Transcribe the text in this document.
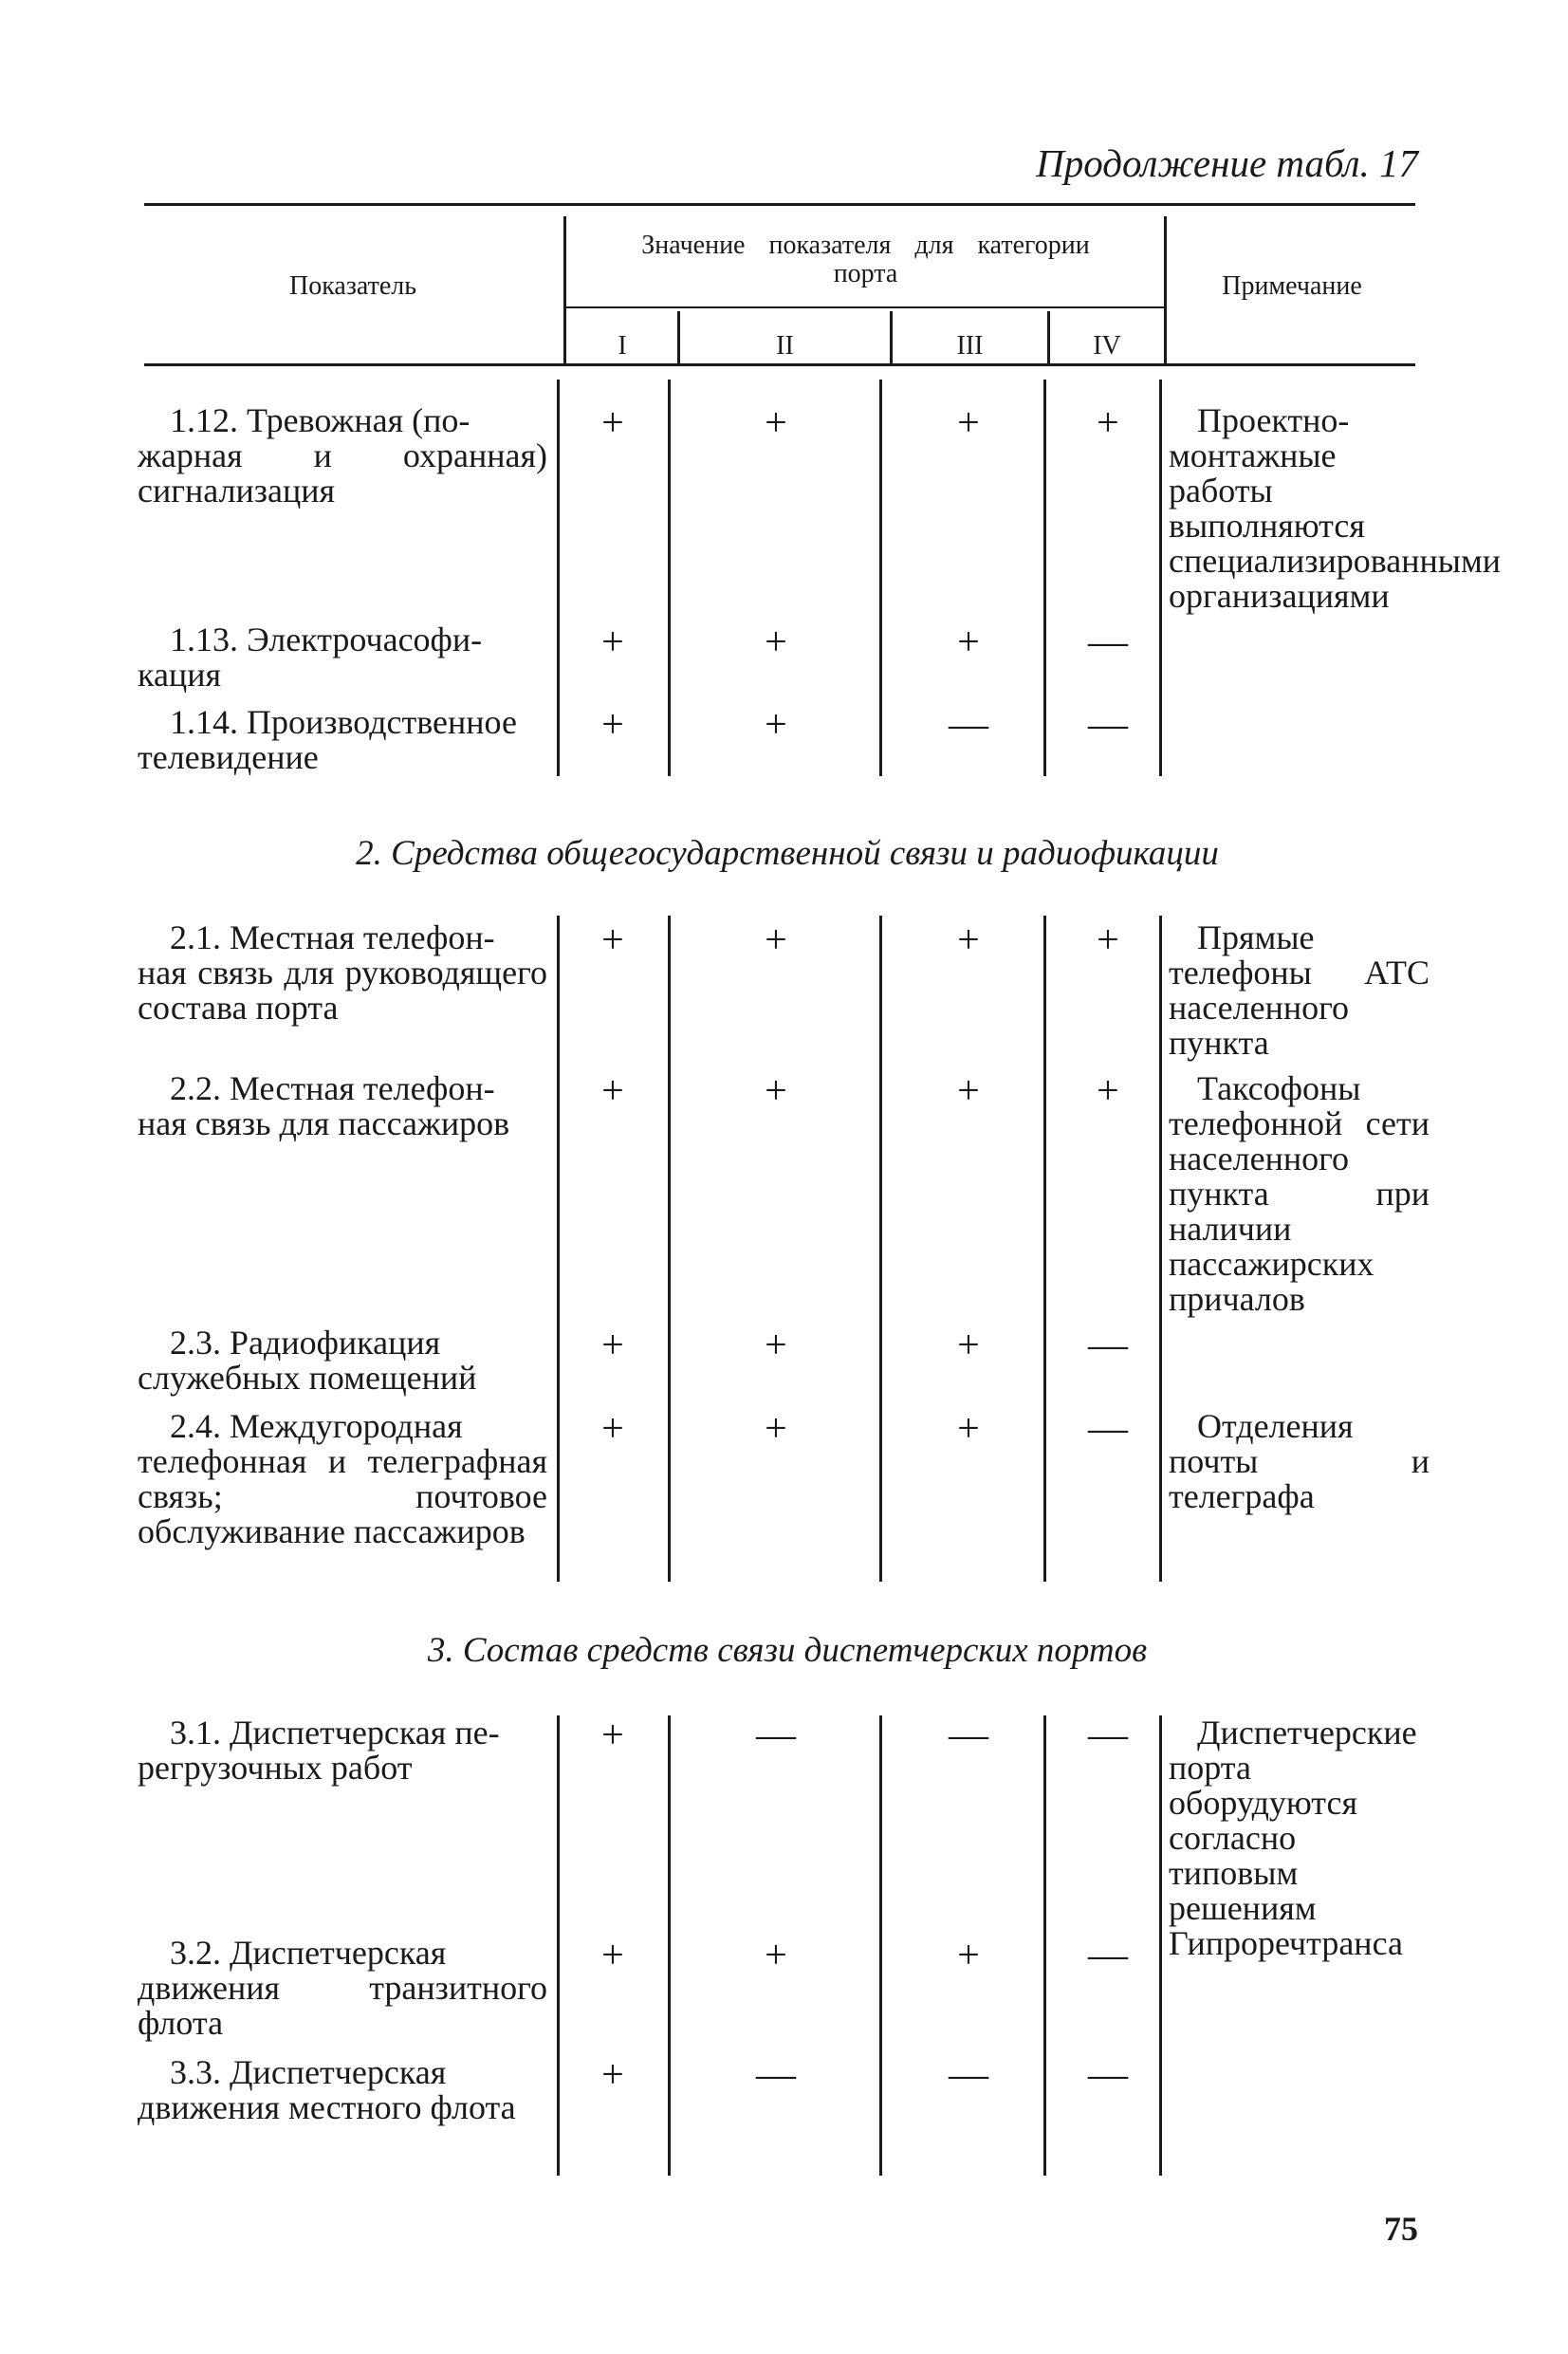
Продолжение табл. 17
Показатель
Значение показателя для категории
порта
I	II	III	IV
Примечание
1.12. Тревожная (по-
жарная и охранная) сигнализация
+	+	+	+	Проектно-монтажные работы выполняются специализированными организациями
1.13. Электрочасофи-
кация
+	+	+	—
1.14. Производственное
телевидение
+	+	—	—
2. Средства общегосударственной связи и радиофикации
2.1. Местная телефон-
ная связь для руководящего состава порта
+	+	+	+	Прямые телефоны АТС населенного пункта
2.2. Местная телефон-
ная связь для пассажиров
+	+	+	+	Таксофоны телефонной сети населенного пункта при наличии пассажирских причалов
2.3. Радиофикация
служебных помещений
+	+	+	—
2.4. Междугородная
телефонная и телеграфная связь; почтовое обслуживание пассажиров
+	+	+	—	Отделения почты и телеграфа
3. Состав средств связи диспетчерских портов
3.1. Диспетчерская пе-
регрузочных работ
+	—	—	—	Диспетчерские порта оборудуются согласно типовым решениям Гипроречтранса
3.2. Диспетчерская
движения транзитного флота
+	+	+	—
3.3. Диспетчерская
движения местного флота
+	—	—	—
75
